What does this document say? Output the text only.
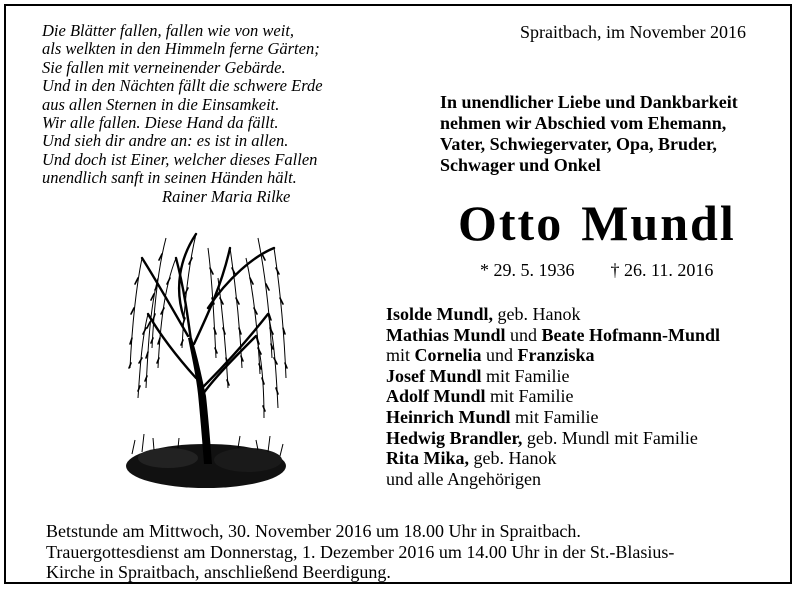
Die Blätter fallen, fallen wie von weit,
als welkten in den Himmeln ferne Gärten;
Sie fallen mit verneinender Gebärde.
Und in den Nächten fällt die schwere Erde
aus allen Sternen in die Einsamkeit.
Wir alle fallen. Diese Hand da fällt.
Und sieh dir andre an: es ist in allen.
Und doch ist Einer, welcher dieses Fallen
unendlich sanft in seinen Händen hält.
Rainer Maria Rilke
Spraitbach, im November 2016
In unendlicher Liebe und Dankbarkeit
nehmen wir Abschied vom Ehemann,
Vater, Schwiegervater, Opa, Bruder,
Schwager und Onkel
Otto Mundl
* 29. 5. 1936 † 26. 11. 2016
Isolde Mundl, geb. Hanok
Mathias Mundl und Beate Hofmann-Mundl
mit Cornelia und Franziska
Josef Mundl mit Familie
Adolf Mundl mit Familie
Heinrich Mundl mit Familie
Hedwig Brandler, geb. Mundl mit Familie
Rita Mika, geb. Hanok
und alle Angehörigen
Betstunde am Mittwoch, 30. November 2016 um 18.00 Uhr in Spraitbach.
Trauergottesdienst am Donnerstag, 1. Dezember 2016 um 14.00 Uhr in der St.-Blasius-
Kirche in Spraitbach, anschließend Beerdigung.
